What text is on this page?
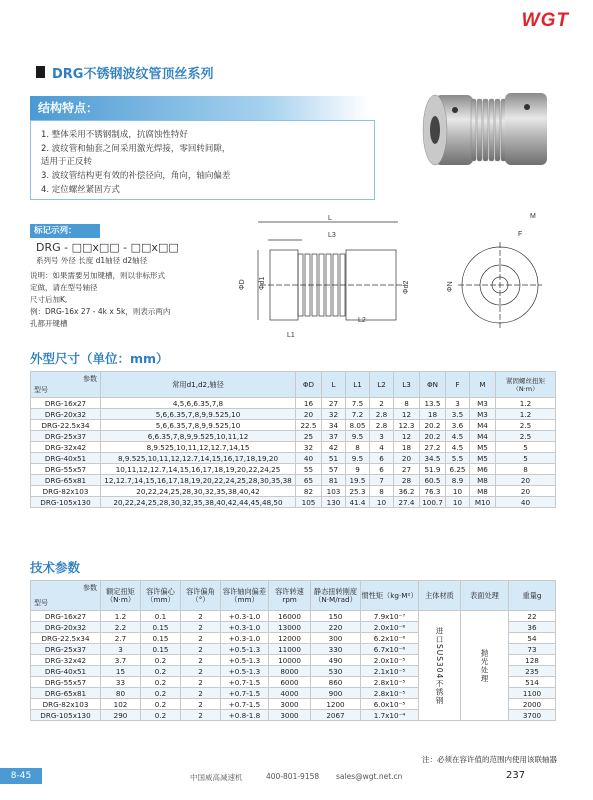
WGT
DRG不锈钢波纹管顶丝系列
结构特点：
1. 整体采用不锈钢制成，抗腐蚀性特好
2. 波纹管和轴套之间采用激光焊接，零回转间隙，
适用于正反转
3. 波纹管结构更有效的补偿径向，角向，轴向偏差
4. 定位螺丝紧固方式
标记示列：
DRG - □□x□□ - □□x□□
系列号 外径 长度 d1轴径 d2轴径
说明：如果需要另加键槽，则以非标形式
定做，请在型号轴径
尺寸后加K,
例：DRG-16x 27 - 4k x 5k，则表示两内
孔都开键槽
L
L3
L2
L1
ΦD Φd1	Φd2	ΦN
F
M
外型尺寸（单位：mm）
参数
型号	常用d1,d2,轴径	ΦD	L	L1	L2	L3	ΦN	F	M	紧固螺丝扭矩（N·m）
DRG-16x27	4,5,6,6.35,7,8	16	27	7.5	2	8	13.5	3	M3	1.2
DRG-20x32	5,6,6.35,7,8,9,9.525,10	20	32	7.2	2.8	12	18	3.5	M3	1.2
DRG-22.5x34	5,6,6.35,7,8,9,9.525,10	22.5	34	8.05	2.8	12.3	20.2	3.6	M4	2.5
DRG-25x37	6,6.35,7,8,9,9.525,10,11,12	25	37	9.5	3	12	20.2	4.5	M4	2.5
DRG-32x42	8,9.525,10,11,12,12.7,14,15	32	42	8	4	18	27.2	4.5	M5	5
DRG-40x51	8,9.525,10,11,12,12.7,14,15,16,17,18,19,20	40	51	9.5	6	20	34.5	5.5	M5	5
DRG-55x57	10,11,12,12.7,14,15,16,17,18,19,20,22,24,25	55	57	9	6	27	51.9	6.25	M6	8
DRG-65x81	12,12.7,14,15,16,17,18,19,20,22,24,25,28,30,35,38	65	81	19.5	7	28	60.5	8.9	M8	20
DRG-82x103	20,22,24,25,28,30,32,35,38,40,42	82	103	25.3	8	36.2	76.3	10	M8	20
DRG-105x130	20,22,24,25,28,30,32,35,38,40,42,44,45,48,50	105	130	41.4	10	27.4	100.7	10	M10	40
技术参数
参数
型号	额定扭矩（N·m）	容许偏心（mm）	容许偏角（°）	容许轴向偏差（mm）	容许转速rpm	静态扭转刚度（N·M/rad）	惯性矩（kg·M²）	主体材质	表面处理	重量g
DRG-16x27	1.2	0.1	2	+0.3-1.0	16000	150	7.9x10⁻⁷	进口SUS304不锈钢	抛光处理	22
DRG-20x32	2.2	0.15	2	+0.3-1.0	13000	220	2.0x10⁻⁶			36
DRG-22.5x34	2.7	0.15	2	+0.3-1.0	12000	300	6.2x10⁻⁶			54
DRG-25x37	3	0.15	2	+0.5-1.3	11000	330	6.7x10⁻⁶			73
DRG-32x42	3.7	0.2	2	+0.5-1.3	10000	490	2.0x10⁻⁵			128
DRG-40x51	15	0.2	2	+0.5-1.3	8000	530	2.1x10⁻⁵			235
DRG-55x57	33	0.2	2	+0.7-1.5	6000	860	2.8x10⁻⁵			514
DRG-65x81	80	0.2	2	+0.7-1.5	4000	900	2.8x10⁻⁵			1100
DRG-82x103	102	0.2	2	+0.7-1.5	3000	1200	6.0x10⁻⁵			2000
DRG-105x130	290	0.2	2	+0.8-1.8	3000	2067	1.7x10⁻⁴			3700
注：必须在容许值的范围内使用该联轴器
8-45	中国威高减速机	400-801-9158 sales@wgt.net.cn	237
